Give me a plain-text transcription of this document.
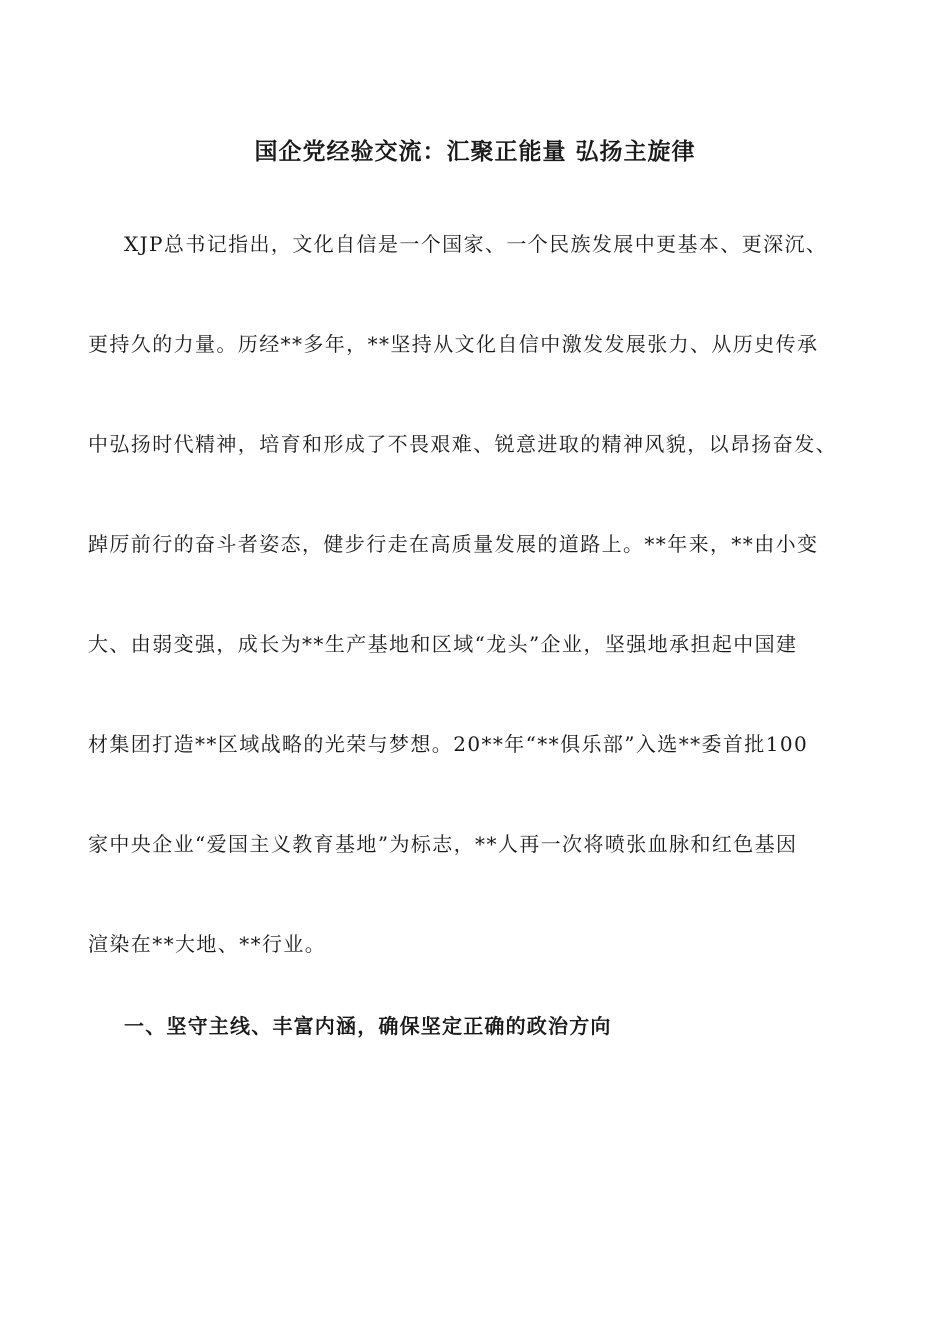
国企党经验交流：汇聚正能量 弘扬主旋律
XJP总书记指出，文化自信是一个国家、一个民族发展中更基本、更深沉、
更持久的力量。历经**多年，**坚持从文化自信中激发发展张力、从历史传承
中弘扬时代精神，培育和形成了不畏艰难、锐意进取的精神风貌，以昂扬奋发、
踔厉前行的奋斗者姿态，健步行走在高质量发展的道路上。**年来，**由小变
大、由弱变强，成长为**生产基地和区域“龙头”企业，坚强地承担起中国建
材集团打造**区域战略的光荣与梦想。20**年“**俱乐部”入选**委首批100
家中央企业“爱国主义教育基地”为标志，**人再一次将喷张血脉和红色基因
渲染在**大地、**行业。
一、坚守主线、丰富内涵，确保坚定正确的政治方向
